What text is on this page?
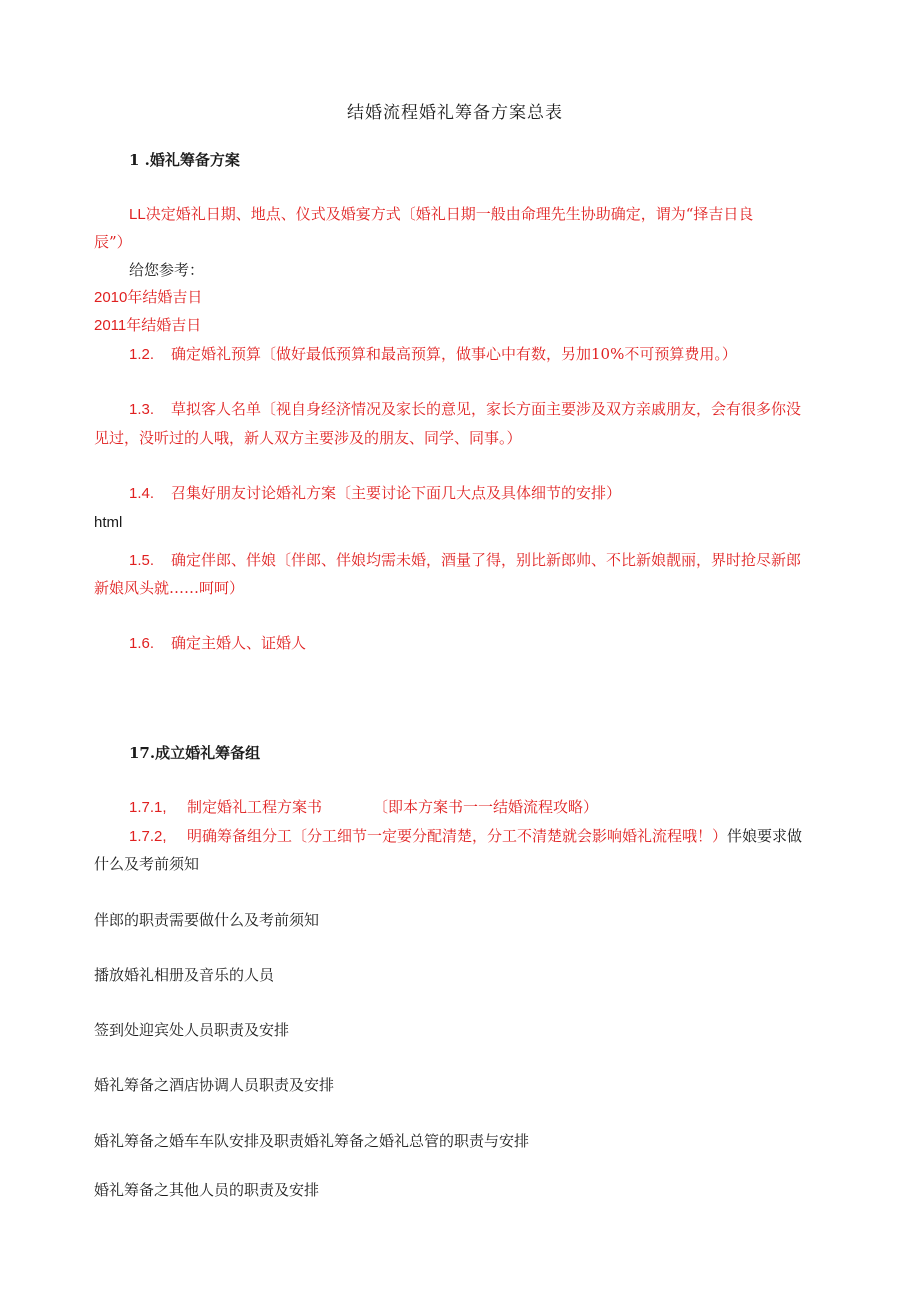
结婚流程婚礼筹备方案总表
1 .婚礼筹备方案
LL决定婚礼日期、地点、仪式及婚宴方式〔婚礼日期一般由命理先生协助确定，谓为“择吉日良
辰”）
给您参考：
2010年结婚吉日
2011年结婚吉日
1.2. 确定婚礼预算〔做好最低预算和最高预算，做事心中有数，另加10%不可预算费用。）
1.3. 草拟客人名单〔视自身经济情况及家长的意见，家长方面主要涉及双方亲戚朋友，会有很多你没
见过，没听过的人哦，新人双方主要涉及的朋友、同学、同事。）
1.4. 召集好朋友讨论婚礼方案〔主要讨论下面几大点及具体细节的安排）
html
1.5. 确定伴郎、伴娘〔伴郎、伴娘均需未婚，酒量了得，别比新郎帅、不比新娘靓丽，界时抢尽新郎
新娘风头就……呵呵）
1.6. 确定主婚人、证婚人
17.成立婚礼筹备组
1.7.1, 制定婚礼工程方案书	〔即本方案书一一结婚流程攻略）
1.7.2, 明确筹备组分工〔分工细节一定要分配清楚，分工不清楚就会影响婚礼流程哦！）伴娘要求做
什么及考前须知
伴郎的职责需要做什么及考前须知
播放婚礼相册及音乐的人员
签到处迎宾处人员职责及安排
婚礼筹备之酒店协调人员职责及安排
婚礼筹备之婚车车队安排及职责婚礼筹备之婚礼总管的职责与安排
婚礼筹备之其他人员的职责及安排
